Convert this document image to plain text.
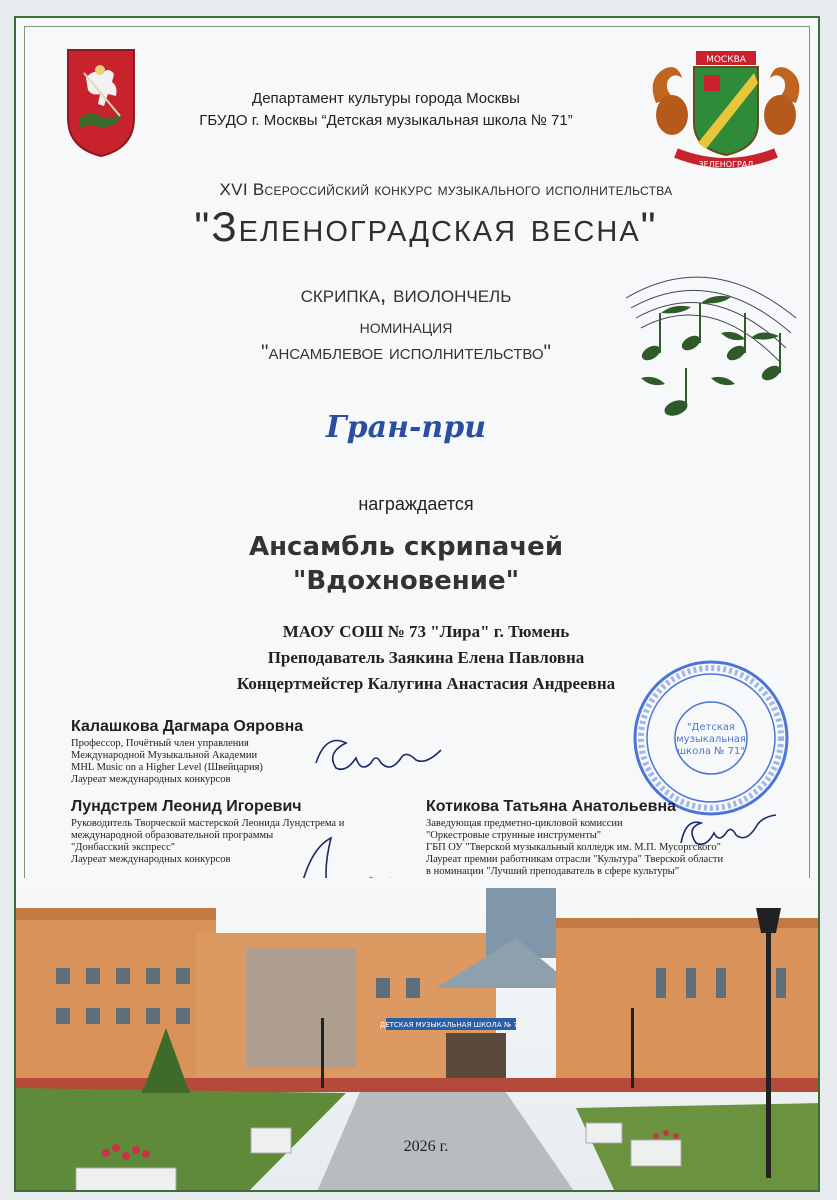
МОСКВА
ЗЕЛЕНОГРАД
Департамент культуры города Москвы
ГБУДО г. Москвы “Детская музыкальная школа № 71”
XVI Всероссийский конкурс музыкального исполнительства
"Зеленоградская весна"
скрипка, виолончель
номинация
"ансамблевое исполнительство"
Гран-при
награждается
Ансамбль скрипачей
"Вдохновение"
МАОУ СОШ № 73 "Лира" г. Тюмень
Преподаватель Заякина Елена Павловна
Концертмейстер Калугина Анастасия Андреевна
"Детская
музыкальная
школа № 71"
Калашкова Дагмара Ояровна
Профессор, Почётный член управления
Международной Музыкальной Академии
MHL Music on a Higher Level (Швейцария)
Лауреат международных конкурсов
Лундстрем Леонид Игоревич
Руководитель Творческой мастерской Леонида Лундстрема и
международной образовательной программы
"Донбасский экспресс"
Лауреат международных конкурсов
Котикова Татьяна Анатольевна
Заведующая предметно-цикловой комиссии
"Оркестровые струнные инструменты"
ГБП ОУ "Тверской музыкальный колледж им. М.П. Мусоргского"
Лауреат премии работникам отрасли "Культура" Тверской области
в номинации "Лучший преподаватель в сфере культуры"
ДЕТСКАЯ МУЗЫКАЛЬНАЯ ШКОЛА № 71
2026 г.
